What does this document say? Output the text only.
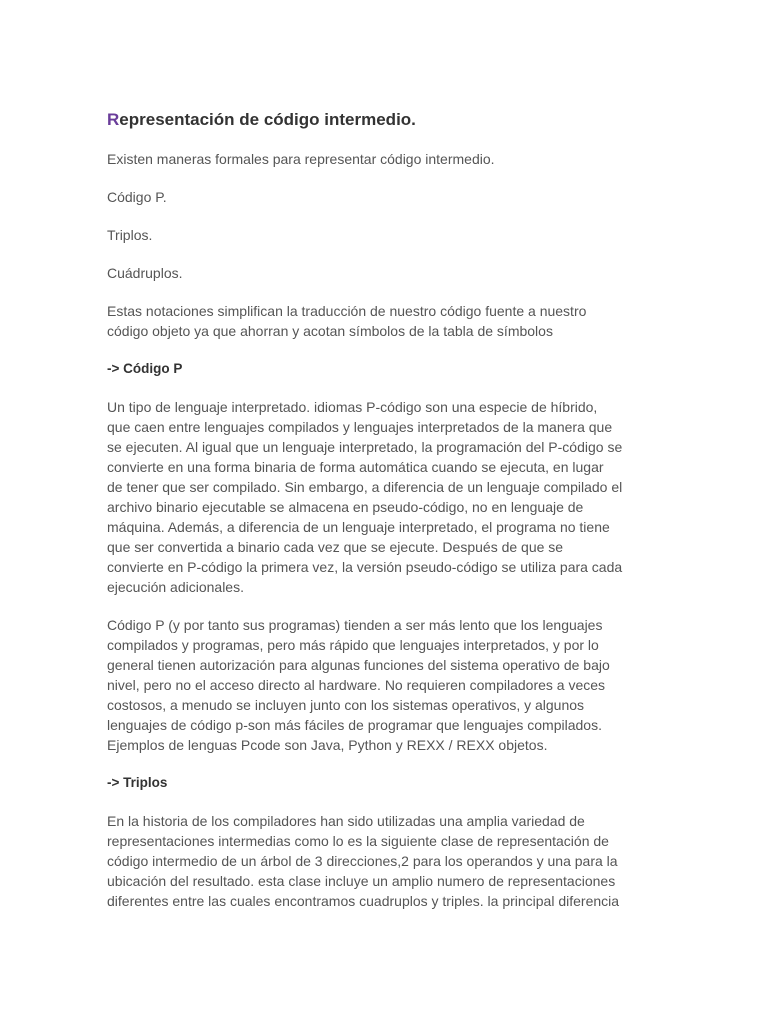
Representación de código intermedio.
Existen maneras formales para representar código intermedio.
Código P.
Triplos.
Cuádruplos.
Estas notaciones simplifican la traducción de nuestro código fuente a nuestro
código objeto ya que ahorran y acotan símbolos de la tabla de símbolos
-> Código P
Un tipo de lenguaje interpretado. idiomas P-código son una especie de híbrido,
que caen entre lenguajes compilados y lenguajes interpretados de la manera que
se ejecuten. Al igual que un lenguaje interpretado, la programación del P-código se
convierte en una forma binaria de forma automática cuando se ejecuta, en lugar
de tener que ser compilado. Sin embargo, a diferencia de un lenguaje compilado el
archivo binario ejecutable se almacena en pseudo-código, no en lenguaje de
máquina. Además, a diferencia de un lenguaje interpretado, el programa no tiene
que ser convertida a binario cada vez que se ejecute. Después de que se
convierte en P-código la primera vez, la versión pseudo-código se utiliza para cada
ejecución adicionales.
Código P (y por tanto sus programas) tienden a ser más lento que los lenguajes
compilados y programas, pero más rápido que lenguajes interpretados, y por lo
general tienen autorización para algunas funciones del sistema operativo de bajo
nivel, pero no el acceso directo al hardware. No requieren compiladores a veces
costosos, a menudo se incluyen junto con los sistemas operativos, y algunos
lenguajes de código p-son más fáciles de programar que lenguajes compilados.
Ejemplos de lenguas Pcode son Java, Python y REXX / REXX objetos.
-> Triplos
En la historia de los compiladores han sido utilizadas una amplia variedad de
representaciones intermedias como lo es la siguiente clase de representación de
código intermedio de un árbol de 3 direcciones,2 para los operandos y una para la
ubicación del resultado. esta clase incluye un amplio numero de representaciones
diferentes entre las cuales encontramos cuadruplos y triples. la principal diferencia
